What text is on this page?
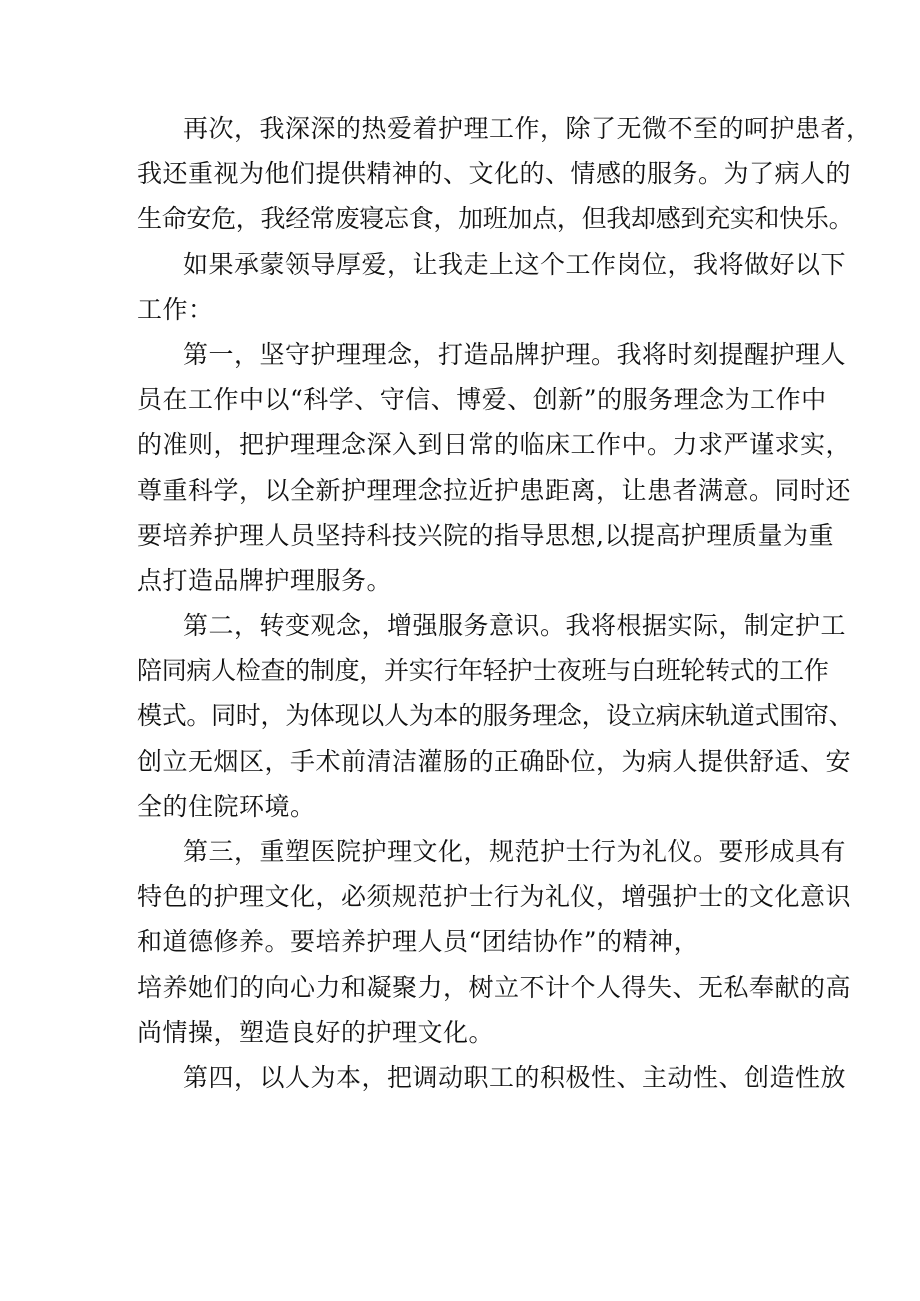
再次，我深深的热爱着护理工作，除了无微不至的呵护患者，
我还重视为他们提供精神的、文化的、情感的服务。为了病人的
生命安危，我经常废寝忘食，加班加点，但我却感到充实和快乐。
如果承蒙领导厚爱，让我走上这个工作岗位，我将做好以下
工作：
第一，坚守护理理念，打造品牌护理。我将时刻提醒护理人
员在工作中以“科学、守信、博爱、创新”的服务理念为工作中
的准则，把护理理念深入到日常的临床工作中。力求严谨求实，
尊重科学，以全新护理理念拉近护患距离，让患者满意。同时还
要培养护理人员坚持科技兴院的指导思想,以提高护理质量为重
点打造品牌护理服务。
第二，转变观念，增强服务意识。我将根据实际，制定护工
陪同病人检查的制度，并实行年轻护士夜班与白班轮转式的工作
模式。同时，为体现以人为本的服务理念，设立病床轨道式围帘、
创立无烟区，手术前清洁灌肠的正确卧位，为病人提供舒适、安
全的住院环境。
第三，重塑医院护理文化，规范护士行为礼仪。要形成具有
特色的护理文化，必须规范护士行为礼仪，增强护士的文化意识
和道德修养。要培养护理人员“团结协作”的精神，
培养她们的向心力和凝聚力，树立不计个人得失、无私奉献的高
尚情操，塑造良好的护理文化。
第四，以人为本，把调动职工的积极性、主动性、创造性放
